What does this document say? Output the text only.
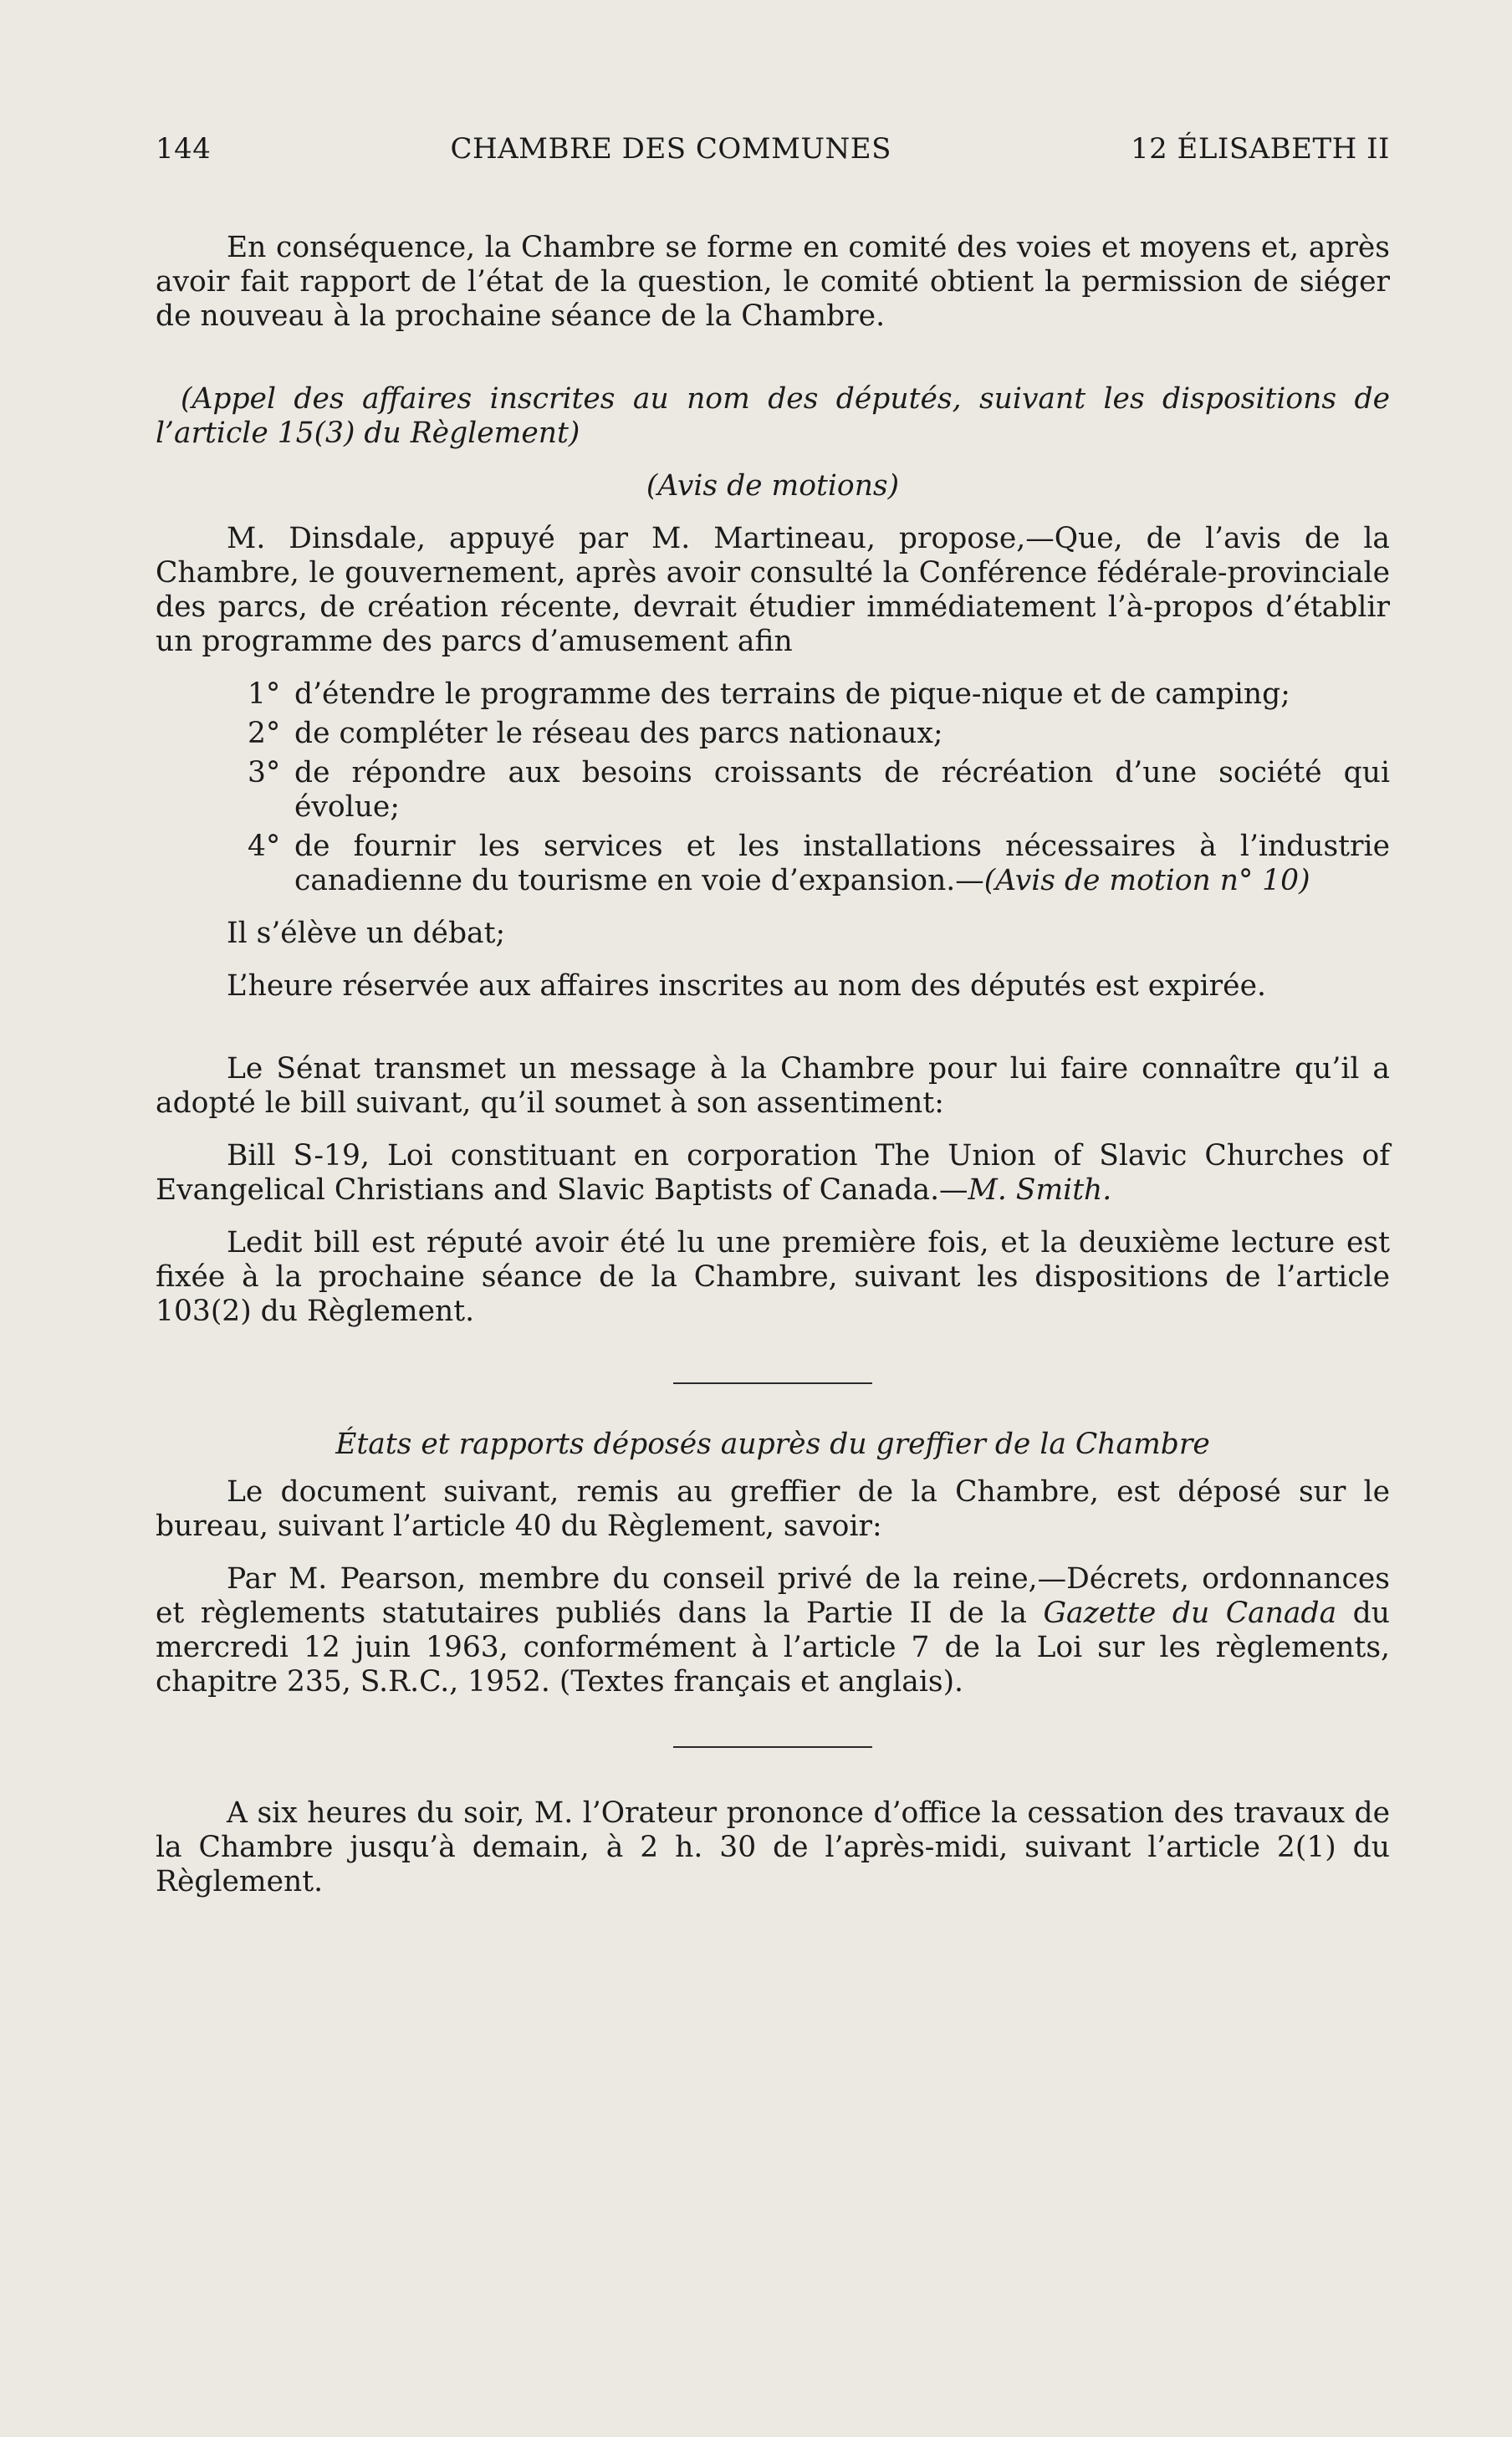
144	CHAMBRE DES COMMUNES	12 ÉLISABETH II

En conséquence, la Chambre se forme en comité des voies et moyens et, après avoir fait rapport de l’état de la question, le comité obtient la permission de siéger de nouveau à la prochaine séance de la Chambre.

(Appel des affaires inscrites au nom des députés, suivant les dispositions de l’article 15(3) du Règlement)

(Avis de motions)

M. Dinsdale, appuyé par M. Martineau, propose,—Que, de l’avis de la Chambre, le gouvernement, après avoir consulté la Conférence fédérale-provinciale des parcs, de création récente, devrait étudier immédiatement l’à-propos d’établir un programme des parcs d’amusement afin

1° d’étendre le programme des terrains de pique-nique et de camping;
2° de compléter le réseau des parcs nationaux;
3° de répondre aux besoins croissants de récréation d’une société qui évolue;
4° de fournir les services et les installations nécessaires à l’industrie canadienne du tourisme en voie d’expansion.—(Avis de motion n° 10)

Il s’élève un débat;

L’heure réservée aux affaires inscrites au nom des députés est expirée.

Le Sénat transmet un message à la Chambre pour lui faire connaître qu’il a adopté le bill suivant, qu’il soumet à son assentiment:

Bill S-19, Loi constituant en corporation The Union of Slavic Churches of Evangelical Christians and Slavic Baptists of Canada.—M. Smith.

Ledit bill est réputé avoir été lu une première fois, et la deuxième lecture est fixée à la prochaine séance de la Chambre, suivant les dispositions de l’article 103(2) du Règlement.

États et rapports déposés auprès du greffier de la Chambre

Le document suivant, remis au greffier de la Chambre, est déposé sur le bureau, suivant l’article 40 du Règlement, savoir:

Par M. Pearson, membre du conseil privé de la reine,—Décrets, ordonnances et règlements statutaires publiés dans la Partie II de la Gazette du Canada du mercredi 12 juin 1963, conformément à l’article 7 de la Loi sur les règlements, chapitre 235, S.R.C., 1952. (Textes français et anglais).

A six heures du soir, M. l’Orateur prononce d’office la cessation des travaux de la Chambre jusqu’à demain, à 2 h. 30 de l’après-midi, suivant l’article 2(1) du Règlement.
